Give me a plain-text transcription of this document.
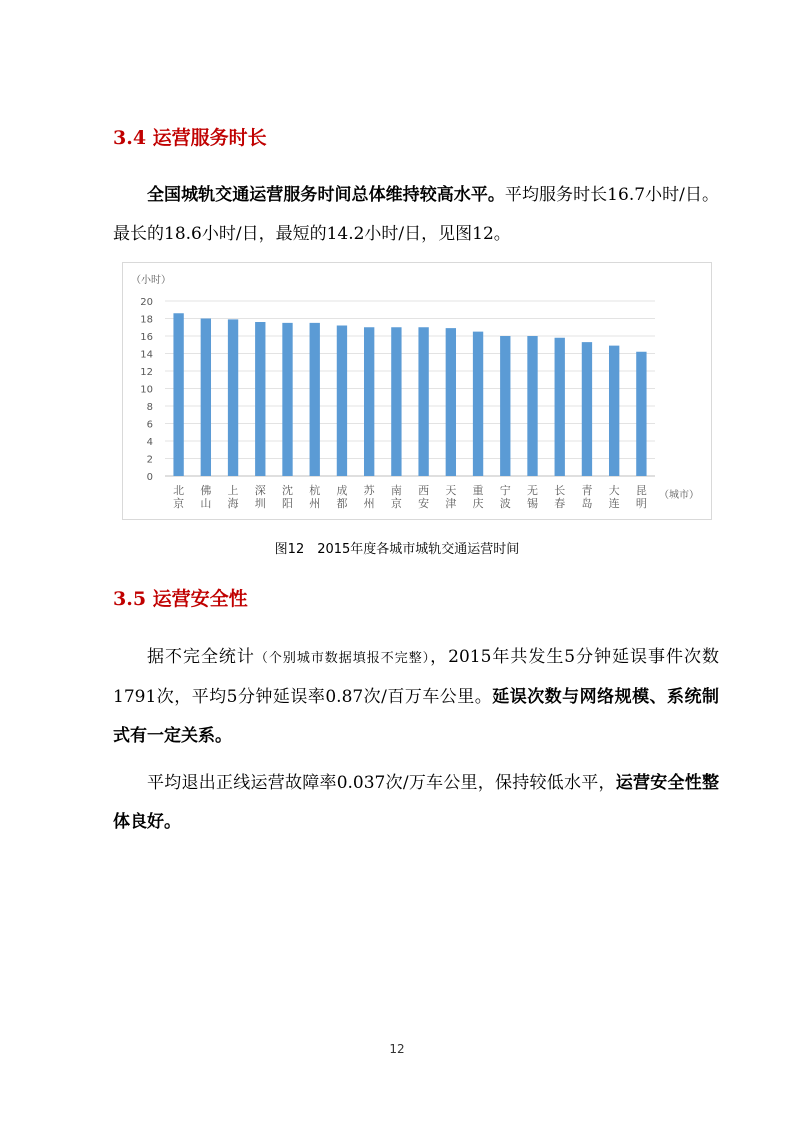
3.4 运营服务时长

全国城轨交通运营服务时间总体维持较高水平。平均服务时长16.7小时/日。最长的18.6小时/日，最短的14.2小时/日，见图12。

（小时）
0
2
4
6
8
10
12
14
16
18
20
北京
佛山
上海
深圳
沈阳
杭州
成都
苏州
南京
西安
天津
重庆
宁波
无锡
长春
青岛
大连
昆明
（城市）
图12　2015年度各城市城轨交通运营时间
3.5 运营安全性

据不完全统计（个别城市数据填报不完整），2015年共发生5分钟延误事件次数1791次，平均5分钟延误率0.87次/百万车公里。延误次数与网络规模、系统制式有一定关系。

平均退出正线运营故障率0.037次/万车公里，保持较低水平，运营安全性整体良好。

12
